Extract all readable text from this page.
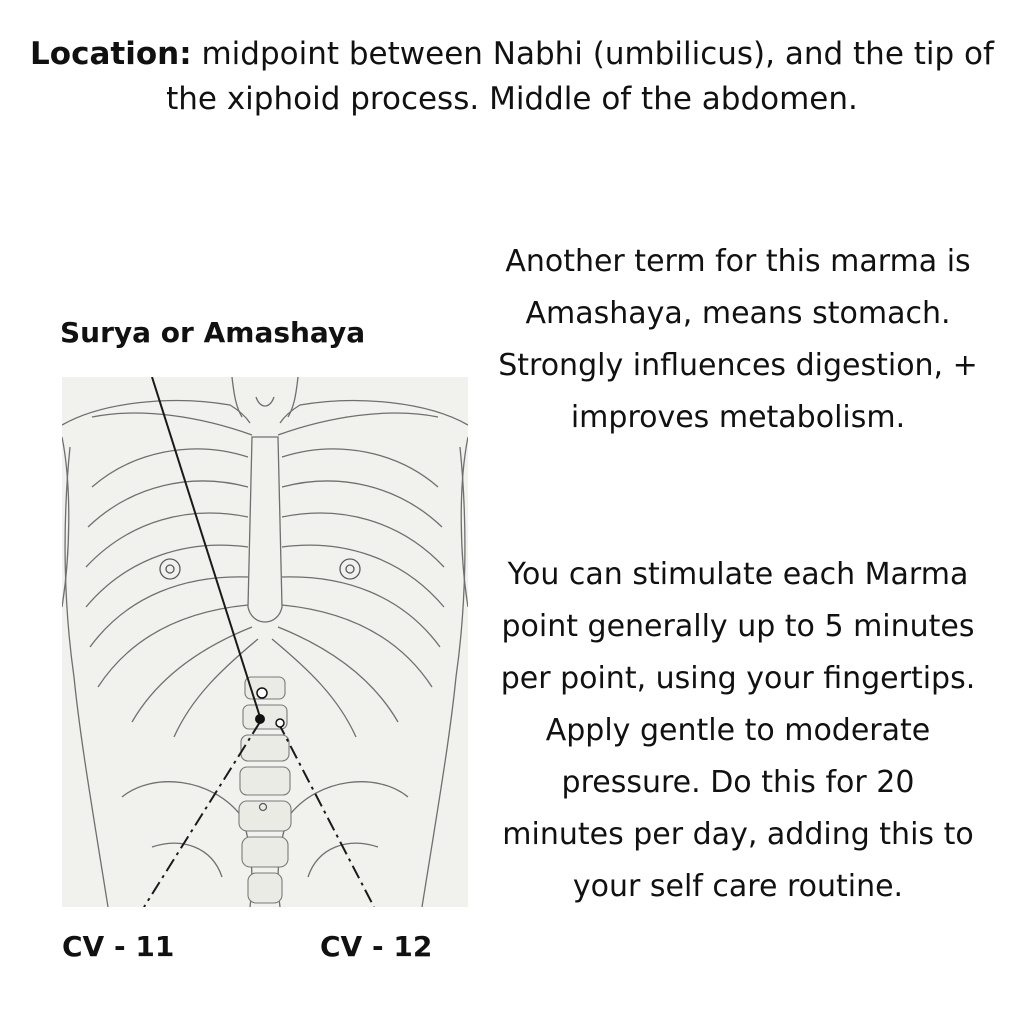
Location: midpoint between Nabhi (umbilicus), and the tip of the xiphoid process. Middle of the abdomen.
Surya or Amashaya
CV - 11	CV - 12
Another term for this marma is Amashaya, means stomach. Strongly influences digestion, + improves metabolism.
You can stimulate each Marma point generally up to 5 minutes per point, using your fingertips. Apply gentle to moderate pressure. Do this for 20 minutes per day, adding this to your self care routine.
